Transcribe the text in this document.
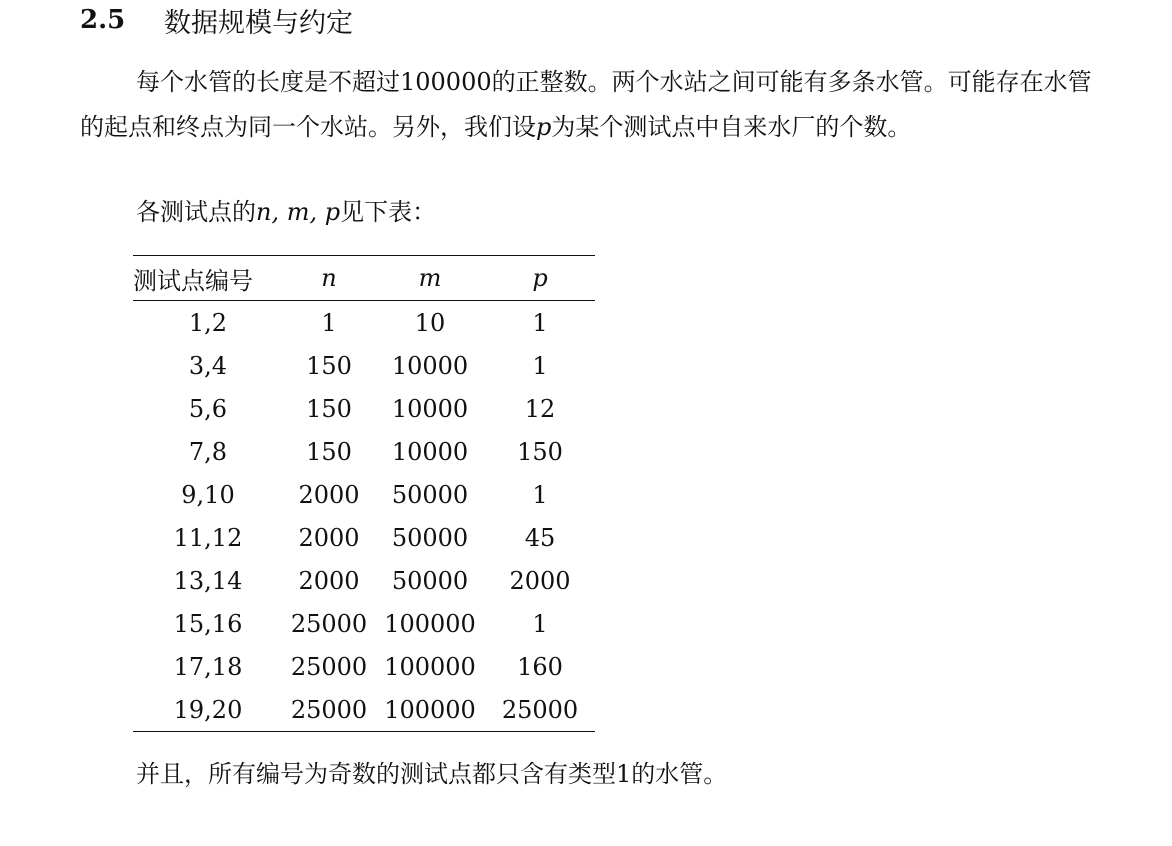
2.5	数据规模与约定
每个水管的长度是不超过100000的正整数。两个水站之间可能有多条水管。可能存在水管的起点和终点为同一个水站。另外，我们设p为某个测试点中自来水厂的个数。
各测试点的n, m, p见下表：
测试点编号	n	m	p
1,2	1	10	1
3,4	150	10000	1
5,6	150	10000	12
7,8	150	10000	150
9,10	2000	50000	1
11,12	2000	50000	45
13,14	2000	50000	2000
15,16	25000	100000	1
17,18	25000	100000	160
19,20	25000	100000	25000
并且，所有编号为奇数的测试点都只含有类型1的水管。
